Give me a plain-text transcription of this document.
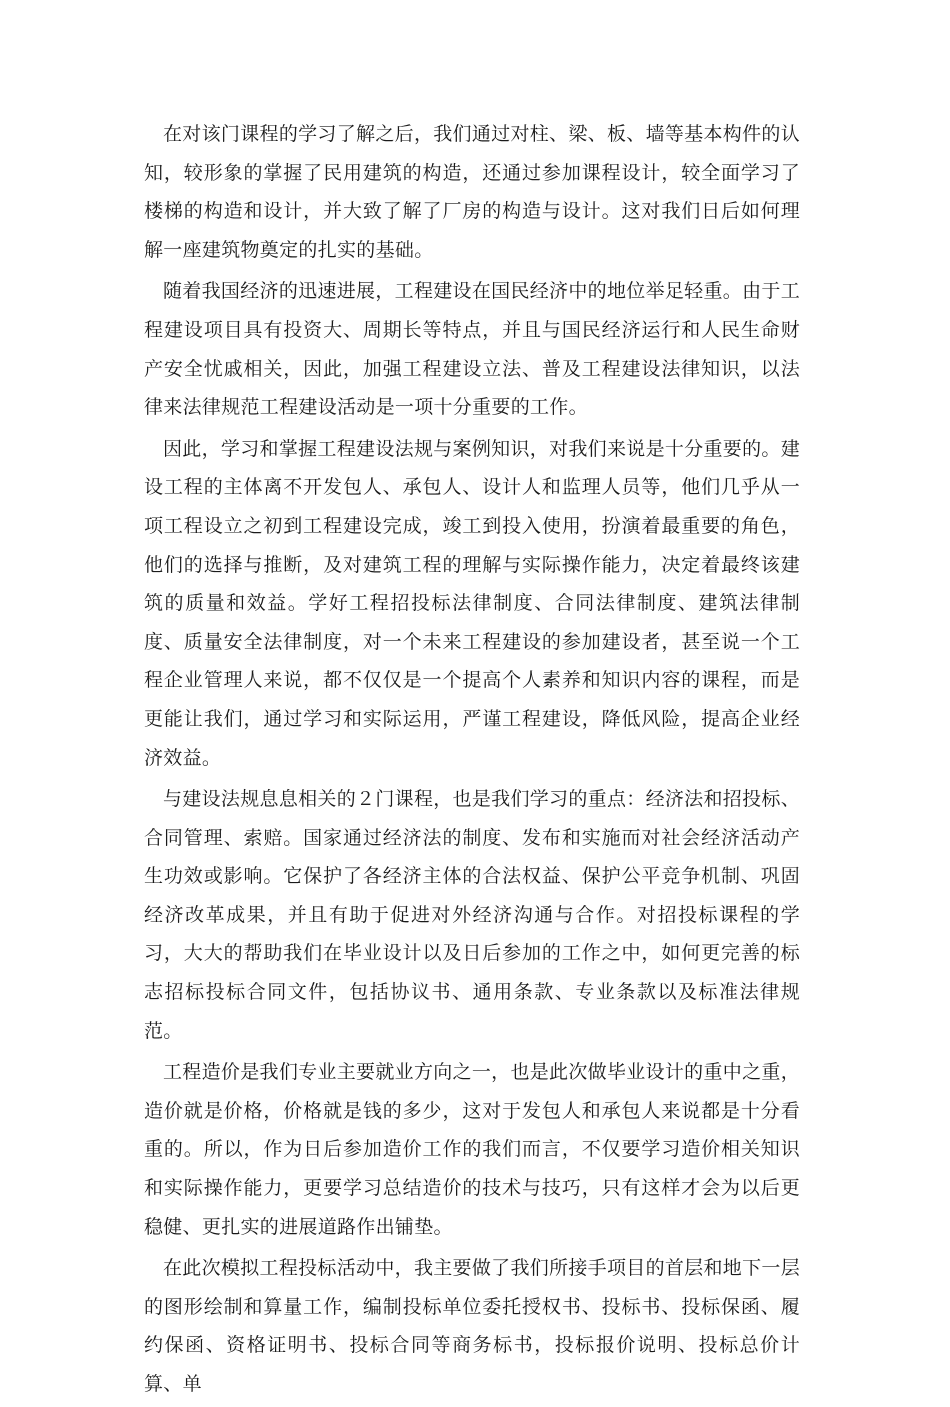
在对该门课程的学习了解之后，我们通过对柱、梁、板、墙等基本构件的认知，较形象的掌握了民用建筑的构造，还通过参加课程设计，较全面学习了楼梯的构造和设计，并大致了解了厂房的构造与设计。这对我们日后如何理解一座建筑物奠定的扎实的基础。

随着我国经济的迅速进展，工程建设在国民经济中的地位举足轻重。由于工程建设项目具有投资大、周期长等特点，并且与国民经济运行和人民生命财产安全忧戚相关，因此，加强工程建设立法、普及工程建设法律知识，以法律来法律规范工程建设活动是一项十分重要的工作。

因此，学习和掌握工程建设法规与案例知识，对我们来说是十分重要的。建设工程的主体离不开发包人、承包人、设计人和监理人员等，他们几乎从一项工程设立之初到工程建设完成，竣工到投入使用，扮演着最重要的角色，他们的选择与推断，及对建筑工程的理解与实际操作能力，决定着最终该建筑的质量和效益。学好工程招投标法律制度、合同法律制度、建筑法律制度、质量安全法律制度，对一个未来工程建设的参加建设者，甚至说一个工程企业管理人来说，都不仅仅是一个提高个人素养和知识内容的课程，而是更能让我们，通过学习和实际运用，严谨工程建设，降低风险，提高企业经济效益。

与建设法规息息相关的２门课程，也是我们学习的重点：经济法和招投标、合同管理、索赔。国家通过经济法的制度、发布和实施而对社会经济活动产生功效或影响。它保护了各经济主体的合法权益、保护公平竞争机制、巩固经济改革成果，并且有助于促进对外经济沟通与合作。对招投标课程的学习，大大的帮助我们在毕业设计以及日后参加的工作之中，如何更完善的标志招标投标合同文件，包括协议书、通用条款、专业条款以及标准法律规范。

工程造价是我们专业主要就业方向之一，也是此次做毕业设计的重中之重，造价就是价格，价格就是钱的多少，这对于发包人和承包人来说都是十分看重的。所以，作为日后参加造价工作的我们而言，不仅要学习造价相关知识和实际操作能力，更要学习总结造价的技术与技巧，只有这样才会为以后更稳健、更扎实的进展道路作出铺垫。

在此次模拟工程投标活动中，我主要做了我们所接手项目的首层和地下一层的图形绘制和算量工作，编制投标单位委托授权书、投标书、投标保函、履约保函、资格证明书、投标合同等商务标书，投标报价说明、投标总价计算、单
